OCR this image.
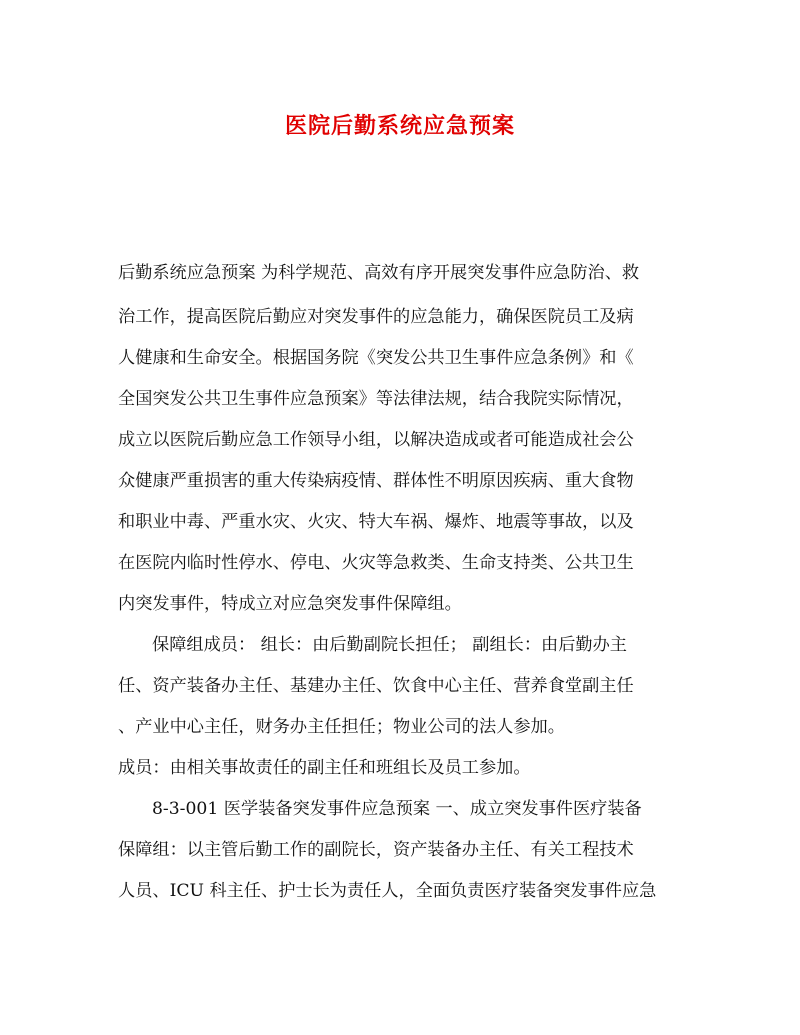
医院后勤系统应急预案
后勤系统应急预案 为科学规范、高效有序开展突发事件应急防治、救
治工作，提高医院后勤应对突发事件的应急能力，确保医院员工及病
人健康和生命安全。根据国务院《突发公共卫生事件应急条例》和《
全国突发公共卫生事件应急预案》等法律法规，结合我院实际情况，
成立以医院后勤应急工作领导小组，以解决造成或者可能造成社会公
众健康严重损害的重大传染病疫情、群体性不明原因疾病、重大食物
和职业中毒、严重水灾、火灾、特大车祸、爆炸、地震等事故，以及
在医院内临时性停水、停电、火灾等急救类、生命支持类、公共卫生
内突发事件，特成立对应急突发事件保障组。
保障组成员： 组长：由后勤副院长担任； 副组长：由后勤办主
任、资产装备办主任、基建办主任、饮食中心主任、营养食堂副主任
、产业中心主任，财务办主任担任；物业公司的法人参加。
成员：由相关事故责任的副主任和班组长及员工参加。
8-3-001 医学装备突发事件应急预案 一、成立突发事件医疗装备
保障组：以主管后勤工作的副院长，资产装备办主任、有关工程技术
人员、ICU 科主任、护士长为责任人，全面负责医疗装备突发事件应急
